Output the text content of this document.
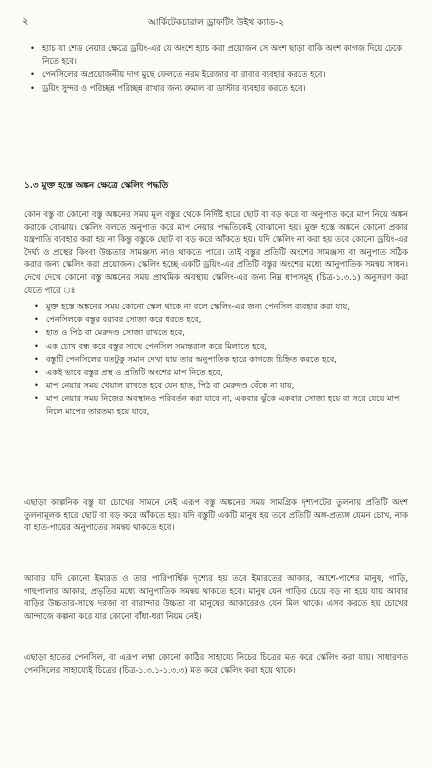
২	আর্কিটেকচারাল ড্রাফটিং উইথ ক্যাড-২
• হ্যাচ যা শেড নেয়ার ক্ষেত্রে ড্রয়িং-এর যে অংশে হ্যাচ করা প্রয়োজন সে অংশ ছাড়া বাকি অংশ কাগজ দিয়ে ঢেকে নিতে হবে।
• পেনসিলের অপ্রয়োজনীয় দাগ মুছে ফেলতে নরম ইরেজার বা রাবার ব্যবহার করতে হবে।
• ড্রয়িং সুন্দর ও পরিচ্ছন্ন পরিচ্ছন্ন রাখার জন্য রুমাল বা ডাস্টার ব্যবহার করতে হবে।
১.৩ মুক্ত হস্তে অঙ্কন ক্ষেত্রে স্কেলিং পদ্ধতি

কোন বস্তু বা কোনো বস্তু অঙ্কনের সময় মূল বস্তুর থেকে নির্দিষ্ট হারে ছোট বা বড় করে বা অনুপাত করে মাপ নিয়ে অঙ্কন করাকে বোঝায়। স্কেলিং বলতে অনুপাত করে মাপ নেয়ার পদ্ধতিকেই বোঝানো হয়। মুক্ত হস্তে অঙ্কনে কোনো প্রকার যন্ত্রপাতি ব্যবহার করা হয় না কিন্তু বস্তুকে ছোট বা বড় করে আঁকতে হয়। যদি স্কেলিং না করা হয় তবে কোনো ড্রয়িং-এর দৈর্ঘ্য ও প্রস্থের কিংবা উচ্চতার সামঞ্জস্য নাও থাকতে পারে। তাই বস্তুর প্রতিটি অংশের সামঞ্জস্য বা অনুপাত সঠিক করার জন্য স্কেলিং করা প্রয়োজন। স্কেলিং হচ্ছে একটি ড্রয়িং-এর প্রতিটি বস্তুর অংশের মধ্যে আনুপাতিক সমন্বয় সাধন। দেখে দেখে কোনো বস্তু অঙ্কনের সময় প্রাথমিক অবস্থায় স্কেলিং-এর জন্য নিম্ন ধাপসমূহ (চিত্র-১.৩.১) অনুসরণ করা যেতে পারে ঃ

• মুক্ত হস্তে অঙ্কনের সময় কোনো স্কেল থাকে না বলে স্কেলিং-এর জন্য পেনসিল ব্যবহার করা যায়,
• পেনসিলকে বস্তুর বরাবর সোজা করে ধরতে হবে,
• হাত ও পিঠ বা মেরুদণ্ড সোজা রাখতে হবে,
• এক চোখ বন্ধ করে বস্তুর সাথে পেনসিল সমান্তরাল করে মিলাতে হবে,
• বস্তুটি পেনসিলের যতটুকু সমান দেখা যায় তার অনুপাতিক হারে কাগজে চিহ্নিত করতে হবে,
• একই ভাবে বস্তুর প্রস্থ ও প্রতিটি অংশের মাপ নিতে হবে,
• মাপ নেয়ার সময় খেয়াল রাখতে হবে যেন হাত, পিঠ বা মেরুদণ্ড বেঁকে না যায়,
• মাপ নেয়ার সময় নিজের অবস্থানও পরিবর্তন করা যাবে না, একবার ঝুঁকে একবার সোজা হয়ে বা সরে যেয়ে মাপ নিলে মাপের তারতম্য হয়ে যাবে,

এছাড়া কাল্পনিক বস্তু যা চোখের সামনে নেই এরূপ বস্তু অঙ্কনের সময় সামগ্রিক দৃশ্যপটের তুলনায় প্রতিটি অংশ তুলনামূলক হারে ছোট বা বড় করে আঁকতে হয়। যদি বস্তুটি একটি মানুষ হয় তবে প্রতিটি অঙ্গ-প্রত্যঙ্গ যেমন চোখ, নাক বা হাত-পায়ের অনুপাতের সমন্বয় থাকতে হবে।

আবার যদি কোনো ইমারত ও তার পারিপার্শ্বিক দৃশ্যের হয় তবে ইমারতের আকার, আশে-পাশের মানুষ, গাড়ি, গাছপালার আকার, প্রভৃতির মধ্যে আনুপাতিক সমন্বয় থাকতে হবে। মানুষ যেন গাড়ির চেয়ে বড় না হয়ে যায় আবার বাড়ির উচ্চতার-সাথে দরজা বা বারান্দার উচ্চতা বা মানুষের আকারেরও যেন মিল থাকে। এসব করতে হয় চোখের আন্দাজে কল্পনা করে যার কোনো বাঁধা-ধরা নিয়ম নেই।

এছাড়া হাতের পেনসিল, বা এরূপ লম্বা কোনো কাঠির সাহায্যে নিচের চিত্রের মত করে স্কেলিং করা যায়। সাধারণত পেনসিলের সাহায্যেই চিত্রের (চিত্র-১.৩.১-১.৩.৩) মত করে স্কেলিং করা হয়ে থাকে।
